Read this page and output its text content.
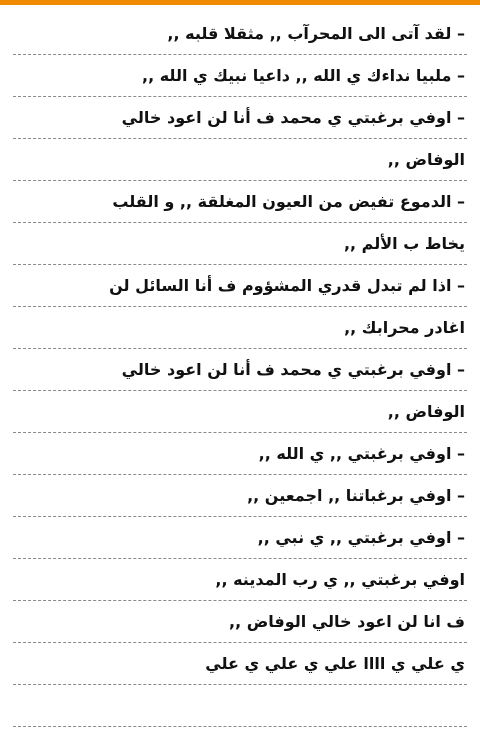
– لقد آتى الى المحرآب ,, مثقلا قلبه ,,
– ملبيا نداءك ي الله ,, داعيا نبيك ي الله ,,
– اوفي برغبتي ي محمد ف أنا لن اعود خالي
الوفاض ,,
– الدموع تفيض من العيون المغلقة ,, و القلب
يخاط ب الألم ,,
– اذا لم تبدل قدري المشؤوم ف أنا السائل لن
اغادر محرابك ,,
– اوفي برغبتي ي محمد ف أنا لن اعود خالي
الوفاض ,,
– اوفي برغبتي ,, ي الله ,,
– اوفي برغباتنا ,, اجمعين ,,
– اوفي برغبتي ,, ي نبي ,,
اوفي برغبتي ,, ي رب المدينه ,,
ف انا لن اعود خالي الوفاض ,,
ي علي ي اااا علي ي علي ي علي
